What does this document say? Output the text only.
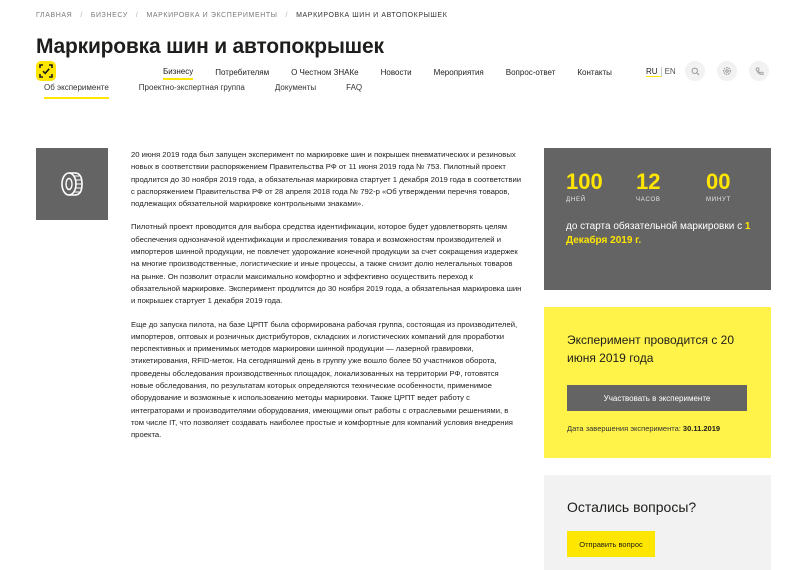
ГЛАВНАЯ / БИЗНЕСУ / МАРКИРОВКА И ЭКСПЕРИМЕНТЫ / МАРКИРОВКА ШИН И АВТОПОКРЫШЕК
Маркировка шин и автопокрышек
Бизнесу	Потребителям	О Честном ЗНАКе	Новости	Мероприятия	Вопрос-ответ	Контакты	RU EN
Об эксперименте	Проектно-экспертная группа	Документы	FAQ

20 июня 2019 года был запущен эксперимент по маркировке шин и покрышек пневматических и резиновых новых в соответствии распоряжением Правительства РФ от 11 июня 2019 года № 753. Пилотный проект продлится до 30 ноября 2019 года, а обязательная маркировка стартует 1 декабря 2019 года в соответствии с распоряжением Правительства РФ от 28 апреля 2018 года № 792-р «Об утверждении перечня товаров, подлежащих обязательной маркировке контрольными знаками».

Пилотный проект проводится для выбора средства идентификации, которое будет удовлетворять целям обеспечения однозначной идентификации и прослеживания товара и возможностям производителей и импортеров шинной продукции, не повлечет удорожание конечной продукции за счет сокращения издержек на многие производственные, логистические и иные процессы, а также снизит долю нелегальных товаров на рынке. Он позволит отрасли максимально комфортно и эффективно осуществить переход к обязательной маркировке. Эксперимент продлится до 30 ноября 2019 года, а обязательная маркировка шин и покрышек стартует 1 декабря 2019 года.

Еще до запуска пилота, на базе ЦРПТ была сформирована рабочая группа, состоящая из производителей, импортеров, оптовых и розничных дистрибуторов, складских и логистических компаний для проработки перспективных и применимых методов маркировки шинной продукции — лазерной гравировки, этикетирования, RFID-меток. На сегодняшний день в группу уже вошло более 50 участников оборота, проведены обследования производственных площадок, локализованных на территории РФ, готовятся новые обследования, по результатам которых определяются технические особенности, применимое оборудование и возможные к использованию методы маркировки. Также ЦРПТ ведет работу с интеграторами и производителями оборудования, имеющими опыт работы с отраслевыми решениями, в том числе IT, что позволяет создавать наиболее простые и комфортные для компаний условия внедрения проекта.

100
ДНЕЙ
12
ЧАСОВ
00
МИНУТ
до старта обязательной маркировки с 1 Декабря 2019 г.
Эксперимент проводится с 20 июня 2019 года
Участвовать в эксперименте
Дата завершения эксперимента: 30.11.2019
Остались вопросы?
Отправить вопрос
